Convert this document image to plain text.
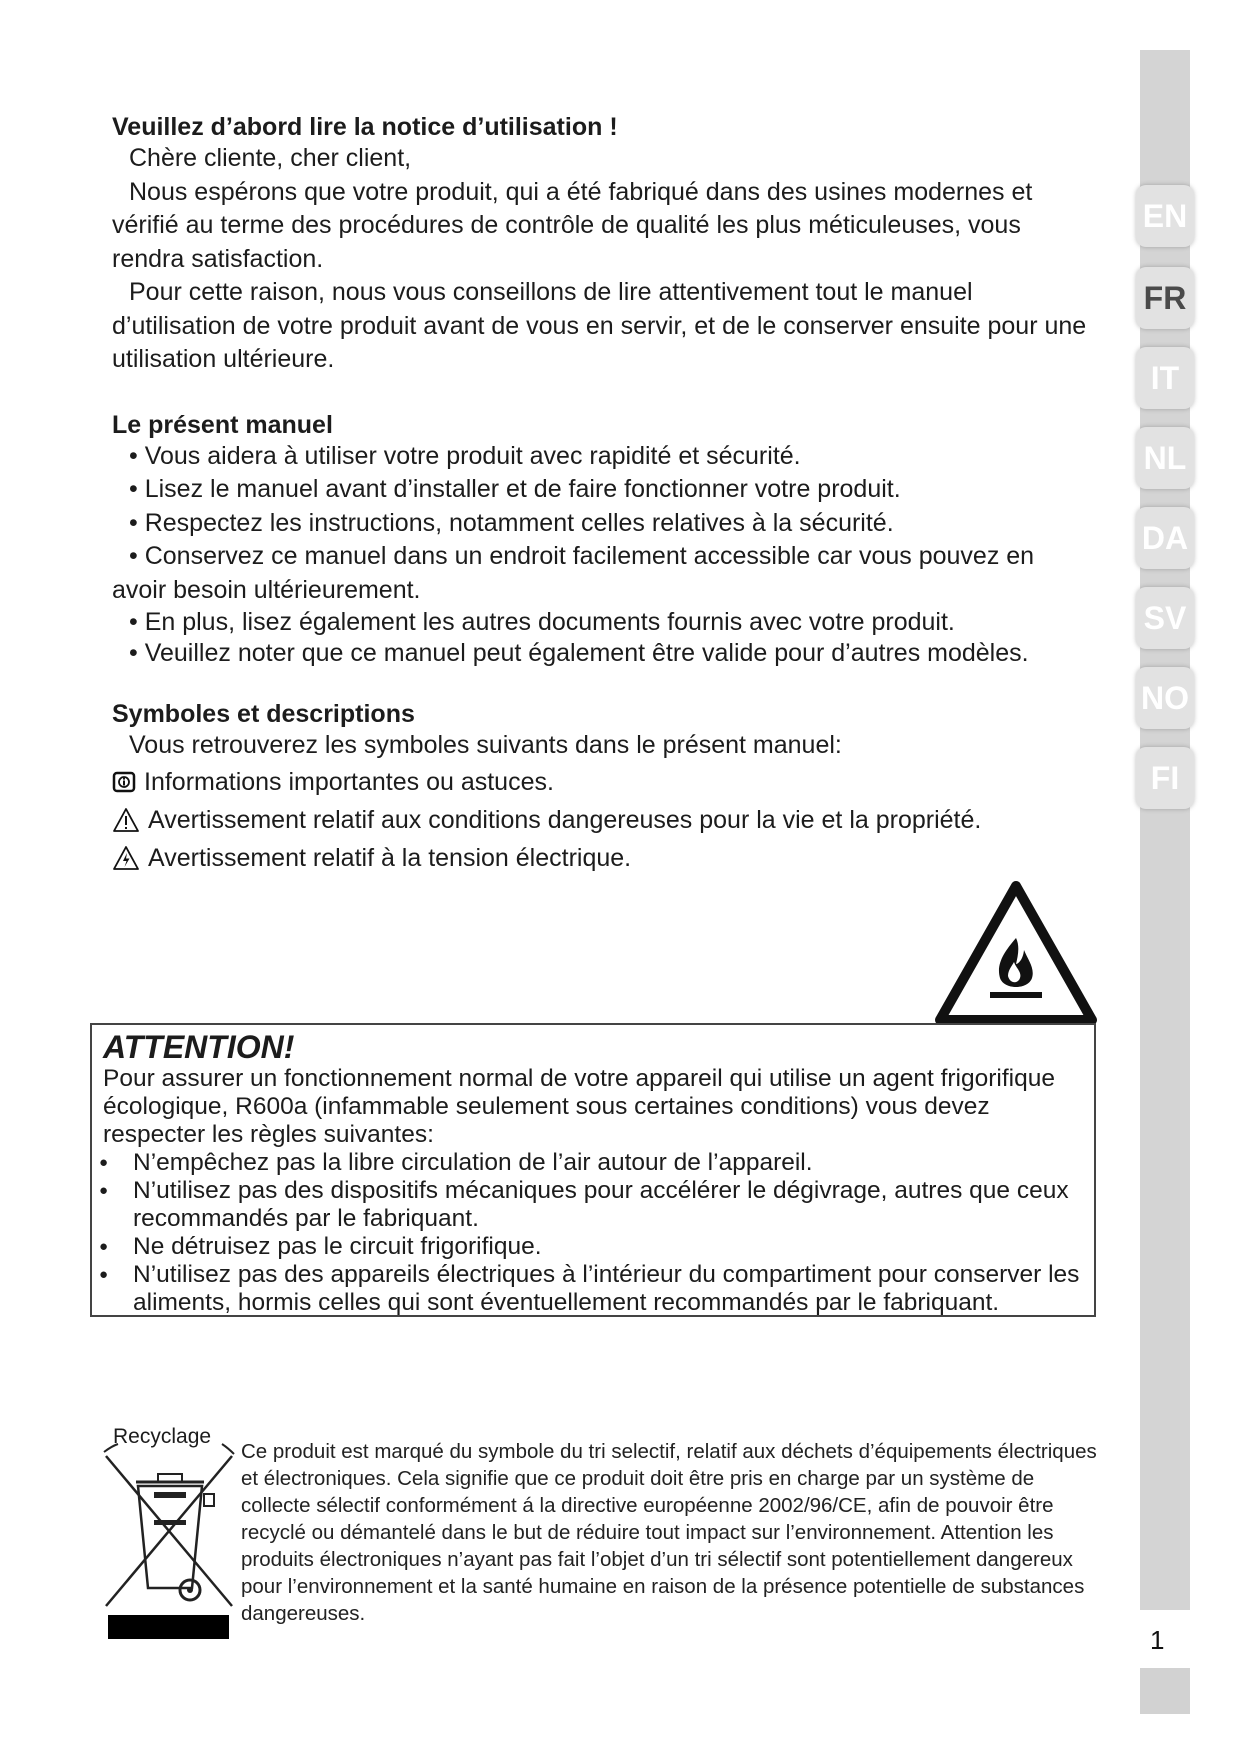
EN
FR
IT
NL
DA
SV
NO
FI
1

Veuillez d’abord lire la notice d’utilisation !

Chère cliente, cher client,

Nous espérons que votre produit, qui a été fabriqué dans des usines modernes et vérifié au terme des procédures de contrôle de qualité les plus méticuleuses, vous rendra satisfaction.

Pour cette raison, nous vous conseillons de lire attentivement tout le manuel d’utilisation de votre produit avant de vous en servir, et de le conserver ensuite pour une utilisation ultérieure.

Le présent manuel

• Vous aidera à utiliser votre produit avec rapidité et sécurité.

• Lisez le manuel avant d’installer et de faire fonctionner votre produit.

• Respectez les instructions, notamment celles relatives à la sécurité.

• Conservez ce manuel dans un endroit facilement accessible car vous pouvez en avoir besoin ultérieurement.

• En plus, lisez également les autres documents fournis avec votre produit.

• Veuillez noter que ce manuel peut également être valide pour d’autres modèles.

Symboles et descriptions

Vous retrouverez les symboles suivants dans le présent manuel:

Informations importantes ou astuces.
Avertissement relatif aux conditions dangereuses pour la vie et la propriété.
Avertissement relatif à la tension électrique.

ATTENTION!

Pour assurer un fonctionnement normal de votre appareil qui utilise un agent frigorifique écologique, R600a (infammable seulement sous certaines conditions) vous devez respecter les règles suivantes:

● N’empêchez pas la libre circulation de l’air autour de l’appareil.
● N’utilisez pas des dispositifs mécaniques pour accélérer le dégivrage, autres que ceux recommandés par le fabriquant.
● Ne détruisez pas le circuit frigorifique.
● N’utilisez pas des appareils électriques à l’intérieur du compartiment pour conserver les aliments, hormis celles qui sont éventuellement recommandés par le fabriquant.
Recyclage

Ce produit est marqué du symbole du tri selectif, relatif aux déchets d’équipements électriques et électroniques. Cela signifie que ce produit doit être pris en charge par un système de collecte sélectif conformément á la directive européenne 2002/96/CE, afin de pouvoir être recyclé ou démantelé dans le but de réduire tout impact sur l’environnement. Attention les produits électroniques n’ayant pas fait l’objet d’un tri sélectif sont potentiellement dangereux pour l’environnement et la santé humaine en raison de la présence potentielle de substances dangereuses.
